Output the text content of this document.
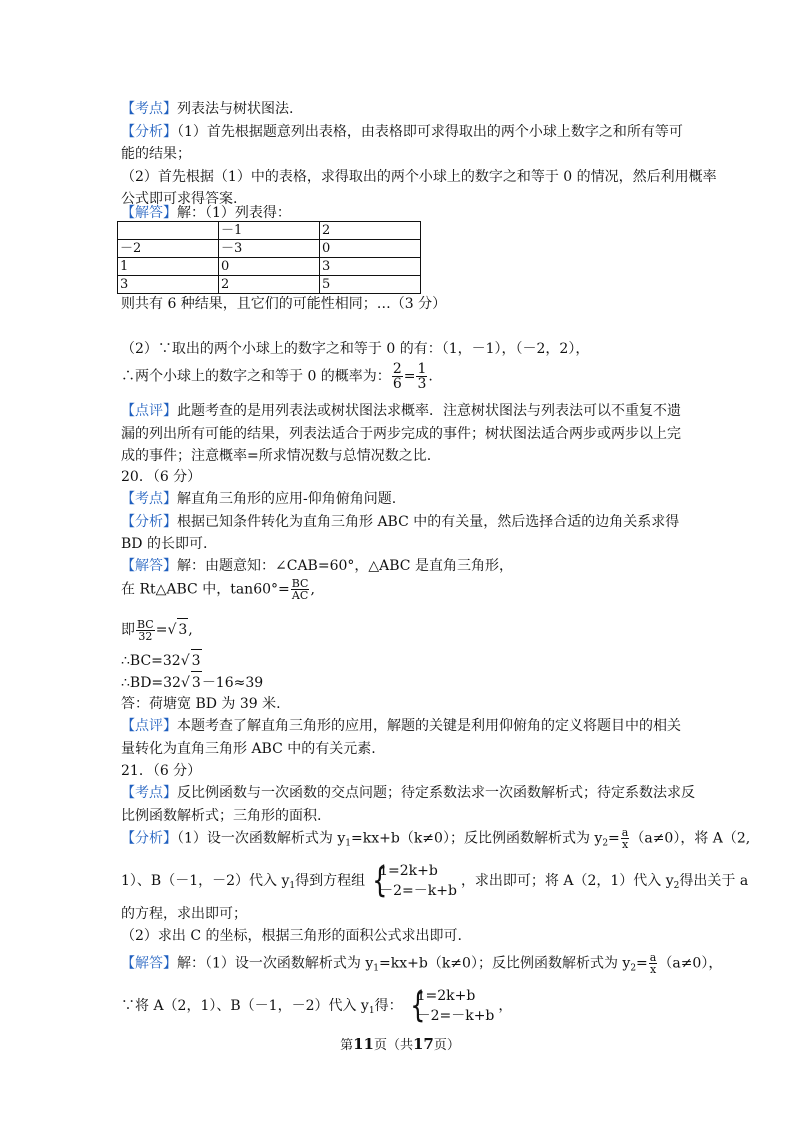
【考点】列表法与树状图法.
【分析】（1）首先根据题意列出表格，由表格即可求得取出的两个小球上数字之和所有等可
能的结果；
（2）首先根据（1）中的表格，求得取出的两个小球上的数字之和等于 0 的情况，然后利用概率
公式即可求得答案.
【解答】解：（1）列表得：
	－1	2
－2	－3	0
1	0	3
3	2	5
则共有 6 种结果，且它们的可能性相同；…（3 分）
（2）∵取出的两个小球上的数字之和等于 0 的有：（1，－1），（－2，2），
∴两个小球上的数字之和等于 0 的概率为： $\frac{2}{6} = \frac{1}{3}$ .
【点评】此题考查的是用列表法或树状图法求概率．注意树状图法与列表法可以不重复不遗
漏的列出所有可能的结果，列表法适合于两步完成的事件；树状图法适合两步或两步以上完
成的事件；注意概率=所求情况数与总情况数之比.
20．（6 分）
【考点】解直角三角形的应用-仰角俯角问题.
【分析】根据已知条件转化为直角三角形 ABC 中的有关量，然后选择合适的边角关系求得
BD 的长即可.
【解答】解：由题意知：∠CAB=60°，△ABC 是直角三角形，
在 Rt△ABC 中，$\tan 60^\circ= \frac{BC}{AC}$ ,
即 $\frac{BC}{32}$ =√ 3,
∴BC=32√ 3
∴BD=32√ 3－16≈39
答：荷塘宽 BD 为 39 米.
【点评】本题考查了解直角三角形的应用，解题的关键是利用仰俯角的定义将题目中的相关
量转化为直角三角形 ABC 中的有关元素.
21．（6 分）
【考点】反比例函数与一次函数的交点问题；待定系数法求一次函数解析式；待定系数法求反
比例函数解析式；三角形的面积.
【分析】（1）设一次函数解析式为 $y_1=kx+b(k\ne 0)$；反比例函数解析式为 $y_2= \frac{a}{x} (a\ne 0)$，将 A（2,
1）、B（－1，－2）代入 $y_1$得到方程组 {
1=2k+b
－2=－k+b
，求出即可；将 A（2，1）代入 $y_2$得出关于 a
的方程，求出即可；
（2）求出 C 的坐标，根据三角形的面积公式求出即可.
【解答】解：（1）设一次函数解析式为 $y_1=kx+b(k\ne 0)$；反比例函数解析式为 $y_2= \frac{a}{x} (a\ne 0)$，
∵将 A（2，1）、B（－1，－2）代入 $y_1$得： {
1=2k+b
－2=－k+b
，
第11页（共17页）
